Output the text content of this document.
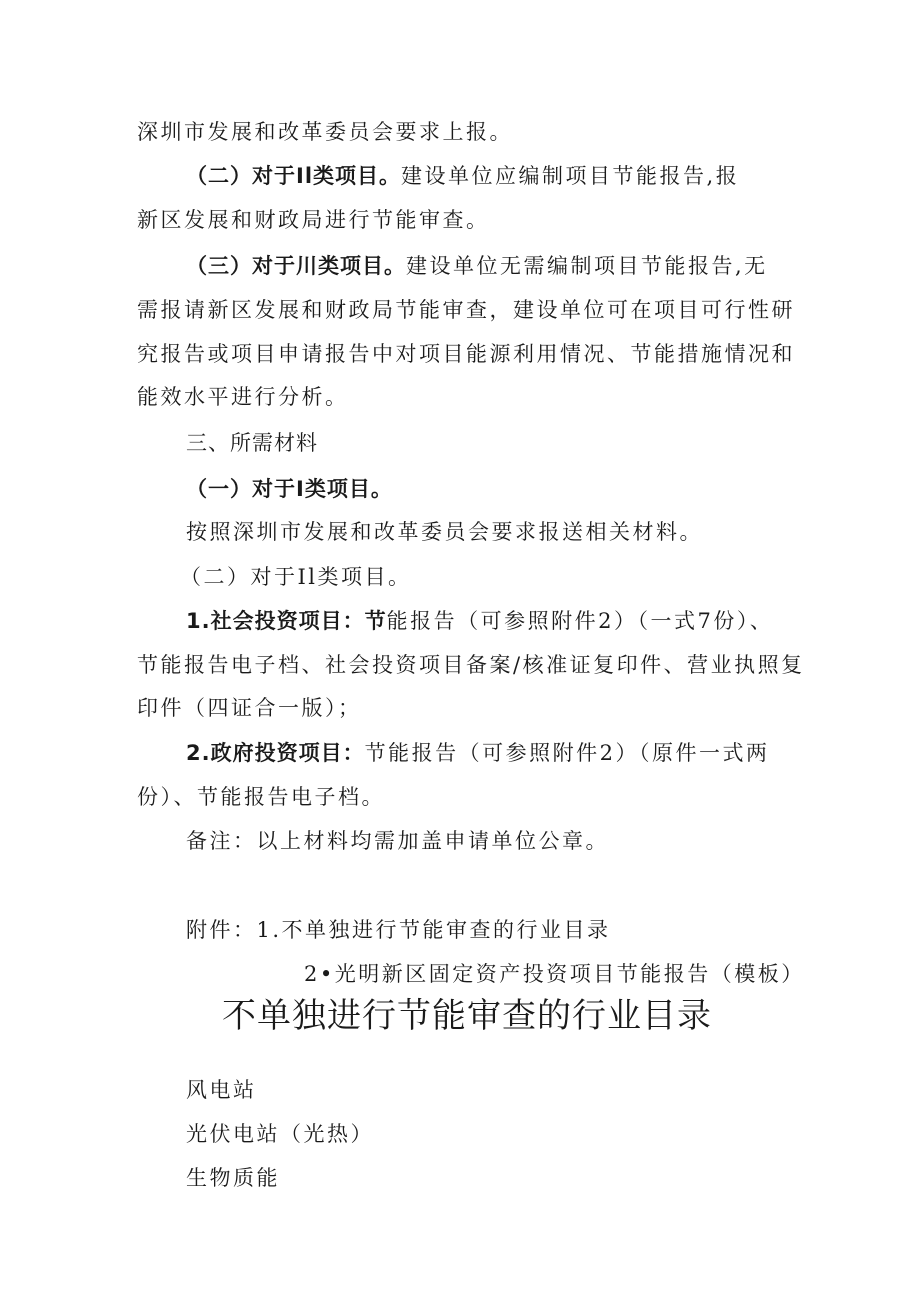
深圳市发展和改革委员会要求上报。
（二）对于Il类项目。建设单位应编制项目节能报告,报
新区发展和财政局进行节能审查。
（三）对于川类项目。建设单位无需编制项目节能报告,无
需报请新区发展和财政局节能审查，建设单位可在项目可行性研
究报告或项目申请报告中对项目能源利用情况、节能措施情况和
能效水平进行分析。
三、所需材料
（一）对于I类项目。
按照深圳市发展和改革委员会要求报送相关材料。
（二）对于Il类项目。
1.社会投资项目：节能报告（可参照附件2）（一式7份）、
节能报告电子档、社会投资项目备案/核准证复印件、营业执照复
印件（四证合一版）；
2.政府投资项目：节能报告（可参照附件2）（原件一式两
份）、节能报告电子档。
备注：以上材料均需加盖申请单位公章。
附件：1.不单独进行节能审查的行业目录
2•光明新区固定资产投资项目节能报告（模板）
不单独进行节能审查的行业目录
风电站
光伏电站（光热）
生物质能
